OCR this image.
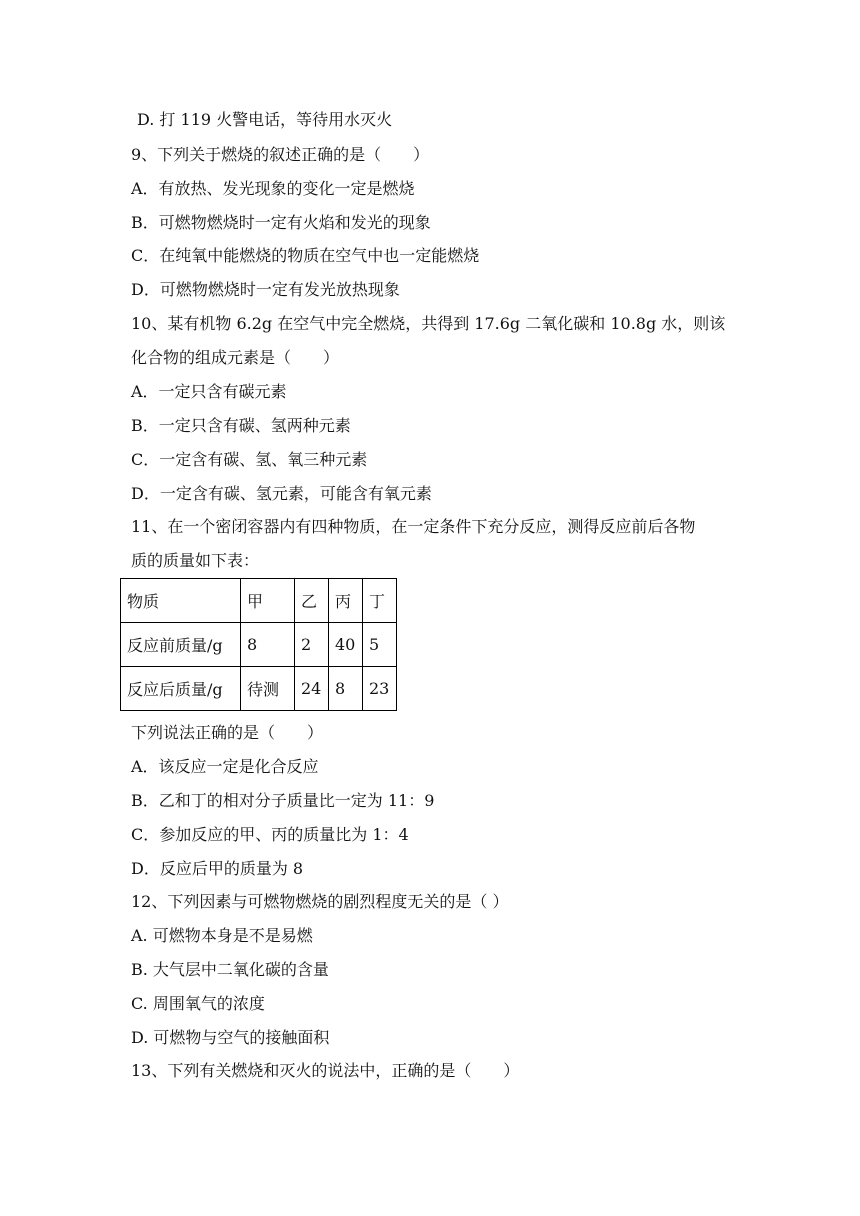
D. 打 119 火警电话，等待用水灭火
9、下列关于燃烧的叙述正确的是（　　）
A．有放热、发光现象的变化一定是燃烧
B．可燃物燃烧时一定有火焰和发光的现象
C．在纯氧中能燃烧的物质在空气中也一定能燃烧
D．可燃物燃烧时一定有发光放热现象
10、某有机物 6.2g 在空气中完全燃烧，共得到 17.6g 二氧化碳和 10.8g 水，则该
化合物的组成元素是（　　）
A．一定只含有碳元素
B．一定只含有碳、氢两种元素
C．一定含有碳、氢、氧三种元素
D．一定含有碳、氢元素，可能含有氧元素
11、在一个密闭容器内有四种物质，在一定条件下充分反应，测得反应前后各物
质的质量如下表：
物质	甲	乙	丙	丁
反应前质量/g	8	2	40	5
反应后质量/g	待测	24	8	23
下列说法正确的是（　　）
A．该反应一定是化合反应
B．乙和丁的相对分子质量比一定为 11：9
C．参加反应的甲、丙的质量比为 1：4
D．反应后甲的质量为 8
12、下列因素与可燃物燃烧的剧烈程度无关的是（ ）
A. 可燃物本身是不是易燃
B. 大气层中二氧化碳的含量
C. 周围氧气的浓度
D. 可燃物与空气的接触面积
13、下列有关燃烧和灭火的说法中，正确的是（　　）
